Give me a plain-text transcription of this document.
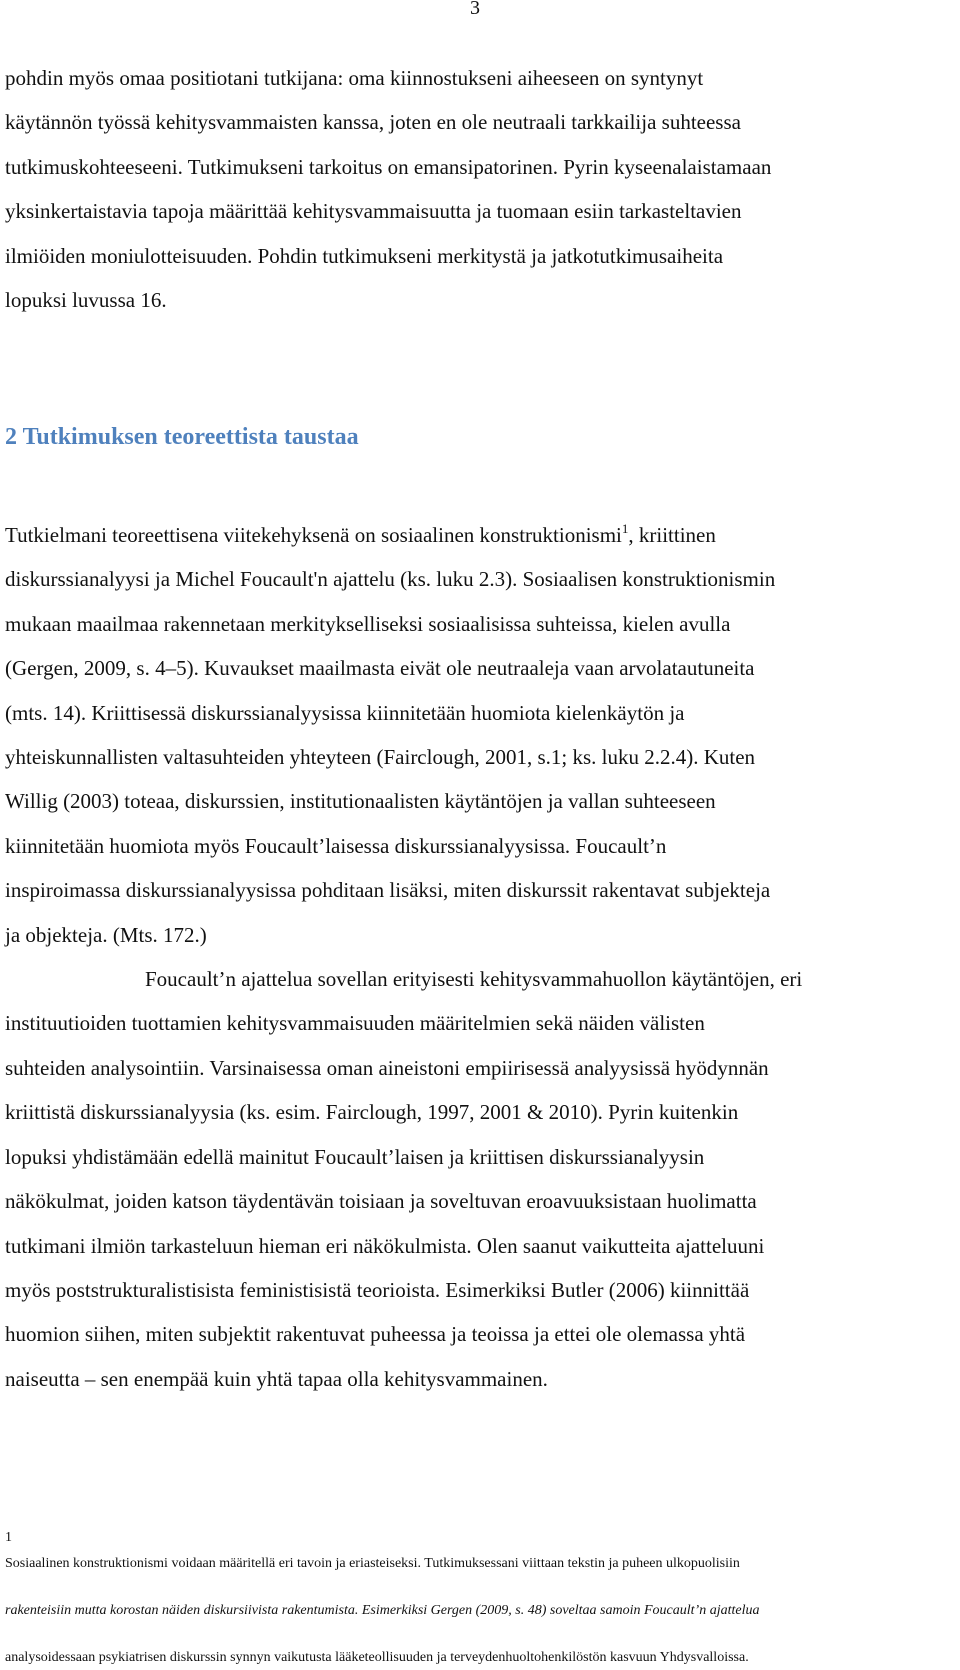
3
pohdin myös omaa positiotani tutkijana: oma kiinnostukseni aiheeseen on syntynyt
käytännön työssä kehitysvammaisten kanssa, joten en ole neutraali tarkkailija suhteessa
tutkimuskohteeseeni. Tutkimukseni tarkoitus on emansipatorinen. Pyrin kyseenalaistamaan
yksinkertaistavia tapoja määrittää kehitysvammaisuutta ja tuomaan esiin tarkasteltavien
ilmiöiden moniulotteisuuden. Pohdin tutkimukseni merkitystä ja jatkotutkimusaiheita
lopuksi luvussa 16.
2 Tutkimuksen teoreettista taustaa
Tutkielmani teoreettisena viitekehyksenä on sosiaalinen konstruktionismi$^1$, kriittinen
diskurssianalyysi ja Michel Foucault'n ajattelu (ks. luku 2.3). Sosiaalisen konstruktionismin
mukaan maailmaa rakennetaan merkitykselliseksi sosiaalisissa suhteissa, kielen avulla
(Gergen, 2009, s. 4–5). Kuvaukset maailmasta eivät ole neutraaleja vaan arvolatautuneita
(mts. 14). Kriittisessä diskurssianalyysissa kiinnitetään huomiota kielenkäytön ja
yhteiskunnallisten valtasuhteiden yhteyteen (Fairclough, 2001, s.1; ks. luku 2.2.4). Kuten
Willig (2003) toteaa, diskurssien, institutionaalisten käytäntöjen ja vallan suhteeseen
kiinnitetään huomiota myös Foucault’laisessa diskurssianalyysissa. Foucault’n
inspiroimassa diskurssianalyysissa pohditaan lisäksi, miten diskurssit rakentavat subjekteja
ja objekteja. (Mts. 172.)
Foucault’n ajattelua sovellan erityisesti kehitysvammahuollon käytäntöjen, eri
instituutioiden tuottamien kehitysvammaisuuden määritelmien sekä näiden välisten
suhteiden analysointiin. Varsinaisessa oman aineistoni empiirisessä analyysissä hyödynnän
kriittistä diskurssianalyysia (ks. esim. Fairclough, 1997, 2001 & 2010). Pyrin kuitenkin
lopuksi yhdistämään edellä mainitut Foucault’laisen ja kriittisen diskurssianalyysin
näkökulmat, joiden katson täydentävän toisiaan ja soveltuvan eroavuuksistaan huolimatta
tutkimani ilmiön tarkasteluun hieman eri näkökulmista. Olen saanut vaikutteita ajatteluuni
myös poststrukturalistisista feministisistä teorioista. Esimerkiksi Butler (2006) kiinnittää
huomion siihen, miten subjektit rakentuvat puheessa ja teoissa ja ettei ole olemassa yhtä
naiseutta – sen enempää kuin yhtä tapaa olla kehitysvammainen.
1
Sosiaalinen konstruktionismi voidaan määritellä eri tavoin ja eriasteiseksi. Tutkimuksessani viittaan tekstin ja puheen ulkopuolisiin
rakenteisiin mutta korostan näiden diskursiivista rakentumista. Esimerkiksi Gergen (2009, s. 48) soveltaa samoin Foucault’n ajattelua
analysoidessaan psykiatrisen diskurssin synnyn vaikutusta lääketeollisuuden ja terveydenhuoltohenkilöstön kasvuun Yhdysvalloissa.
